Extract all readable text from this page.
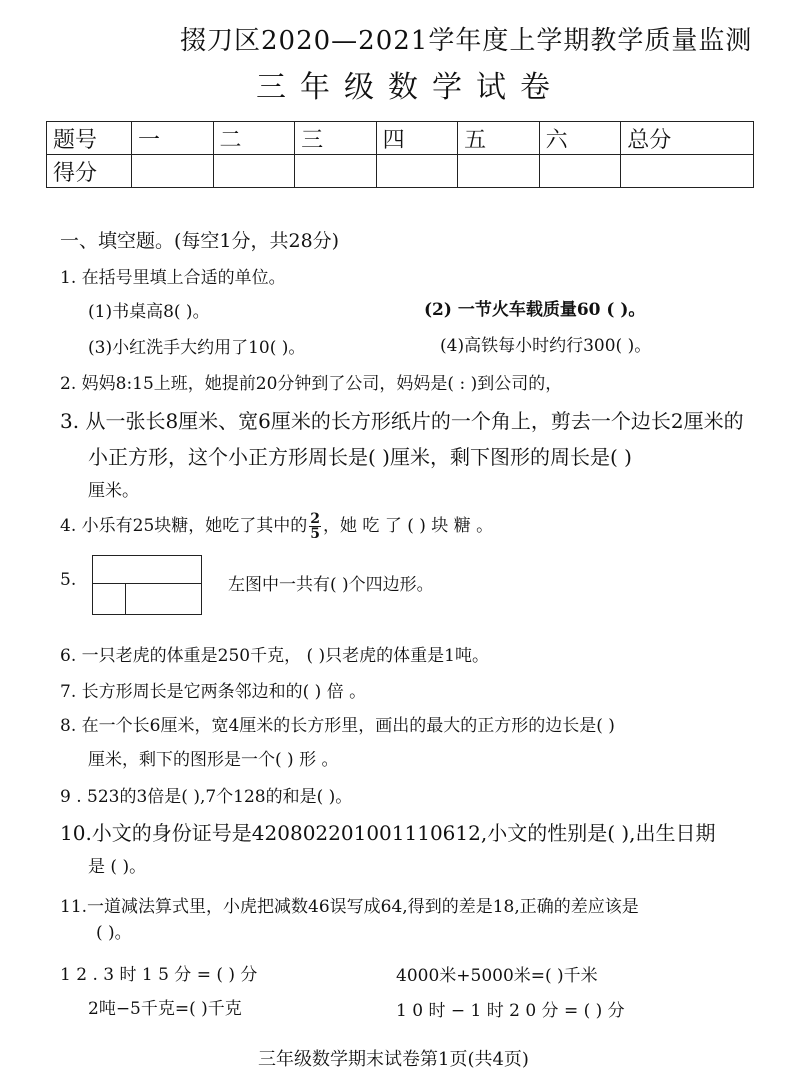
掇刀区2020—2021学年度上学期教学质量监测
三年级数学试卷
题号	一	二	三	四	五	六	总分
得分							
一、填空题。(每空1分，共28分)
1. 在括号里填上合适的单位。
(1)书桌高8( )。	(2) 一节火车载质量60 ( )。
(3)小红洗手大约用了10( )。	(4)高铁每小时约行300( )。
2. 妈妈8:15上班，她提前20分钟到了公司，妈妈是( : )到公司的，
3. 从一张长8厘米、宽6厘米的长方形纸片的一个角上，剪去一个边长2厘米的
小正方形，这个小正方形周长是( )厘米，剩下图形的周长是( )
厘米。
4. 小乐有25块糖，她吃了其中的 $\frac{2}{5}$ ，她 吃 了 ( ) 块 糖 。
5.	左图中一共有( )个四边形。
6. 一只老虎的体重是250千克， ( )只老虎的体重是1吨。
7. 长方形周长是它两条邻边和的( ) 倍 。
8. 在一个长6厘米，宽4厘米的长方形里，画出的最大的正方形的边长是( )
厘米，剩下的图形是一个( ) 形 。
9 . 523的3倍是( ),7个128的和是( )。
10.小文的身份证号是420802201001110612,小文的性别是( ),出生日期
是 ( )。
11.一道减法算式里，小虎把减数46误写成64,得到的差是18,正确的差应该是
( )。
1 2 . 3 时 1 5 分 = ( ) 分	4000米+5000米=( )千米
2吨−5千克=( )千克	1 0 时 − 1 时 2 0 分 = ( ) 分
三年级数学期末试卷第1页(共4页)
